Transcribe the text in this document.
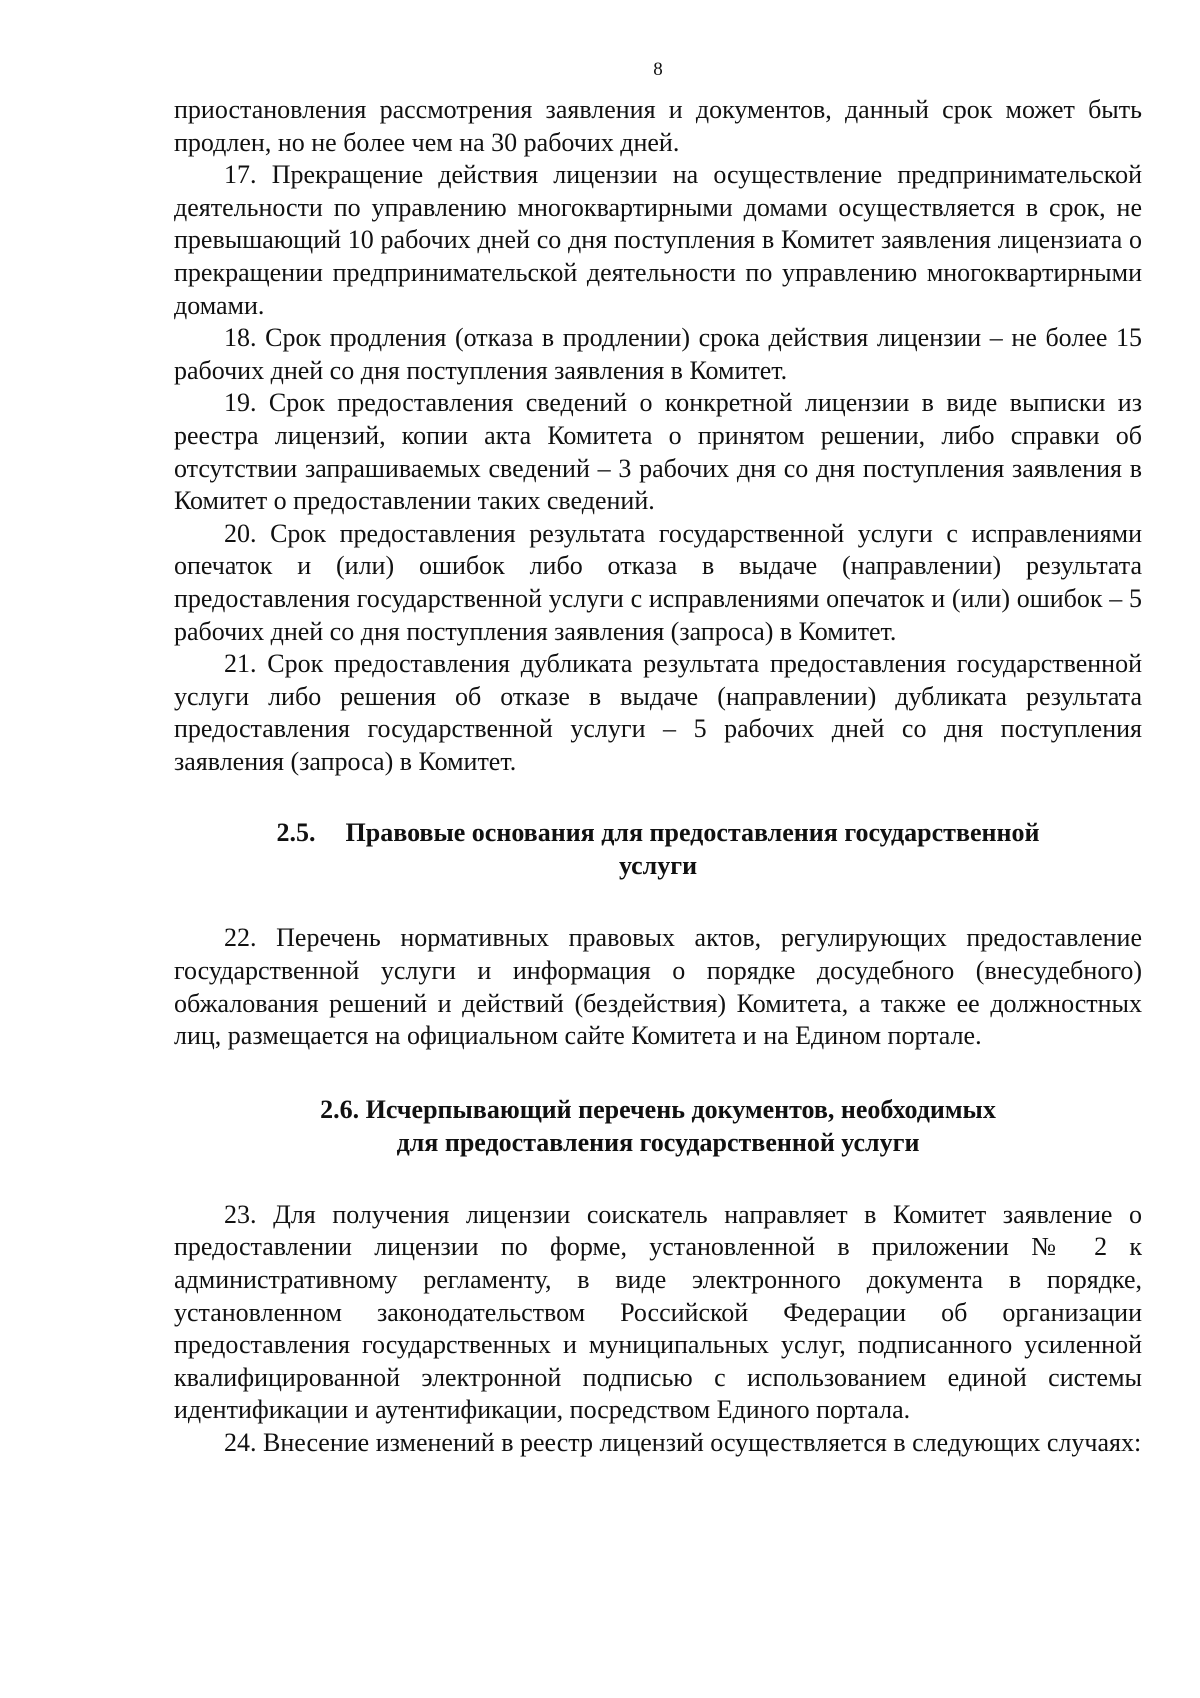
8

приостановления рассмотрения заявления и документов, данный срок может быть продлен, но не более чем на 30 рабочих дней.

17. Прекращение действия лицензии на осуществление предпринимательской деятельности по управлению многоквартирными домами осуществляется в срок, не превышающий 10 рабочих дней со дня поступления в Комитет заявления лицензиата о прекращении предпринимательской деятельности по управлению многоквартирными домами.

18. Срок продления (отказа в продлении) срока действия лицензии – не более 15 рабочих дней со дня поступления заявления в Комитет.

19. Срок предоставления сведений о конкретной лицензии в виде выписки из реестра лицензий, копии акта Комитета о принятом решении, либо справки об отсутствии запрашиваемых сведений – 3 рабочих дня со дня поступления заявления в Комитет о предоставлении таких сведений.

20. Срок предоставления результата государственной услуги с исправлениями опечаток и (или) ошибок либо отказа в выдаче (направлении) результата предоставления государственной услуги с исправлениями опечаток и (или) ошибок – 5 рабочих дней со дня поступления заявления (запроса) в Комитет.

21. Срок предоставления дубликата результата предоставления государственной услуги либо решения об отказе в выдаче (направлении) дубликата результата предоставления государственной услуги – 5 рабочих дней со дня поступления заявления (запроса) в Комитет.

2.5. Правовые основания для предоставления государственной
услуги

22. Перечень нормативных правовых актов, регулирующих предоставление государственной услуги и информация о порядке досудебного (внесудебного) обжалования решений и действий (бездействия) Комитета, а также ее должностных лиц, размещается на официальном сайте Комитета и на Едином портале.

2.6. Исчерпывающий перечень документов, необходимых
для предоставления государственной услуги

23. Для получения лицензии соискатель направляет в Комитет заявление о предоставлении лицензии по форме, установленной в приложении № 2 к административному регламенту, в виде электронного документа в порядке, установленном законодательством Российской Федерации об организации предоставления государственных и муниципальных услуг, подписанного усиленной квалифицированной электронной подписью с использованием единой системы идентификации и аутентификации, посредством Единого портала.

24. Внесение изменений в реестр лицензий осуществляется в следующих случаях:
